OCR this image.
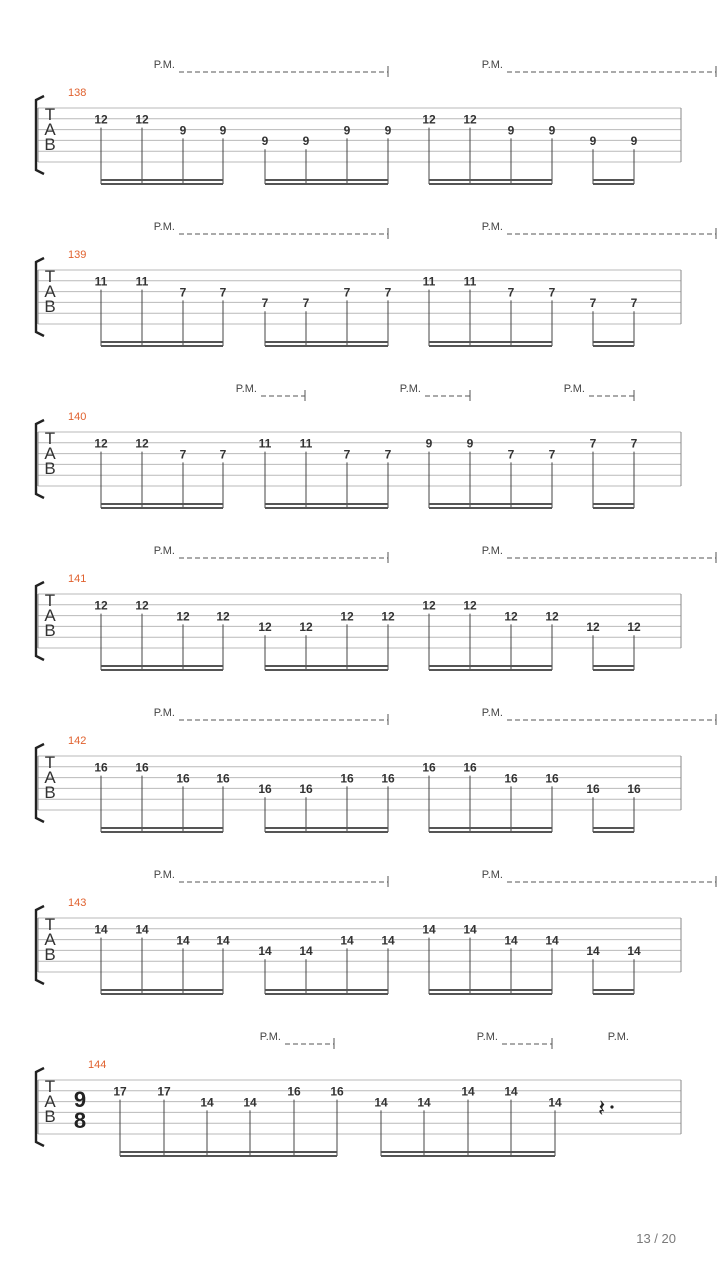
T
A
B
138
12 12
9	9
9	9
9	9
12 12
9	9
9	9
P.M.	P.M.
T
A
B
139
11 11
7	7
7	7
7	7
11 11
7	7
7	7
P.M.	P.M.
T
A
B
140
12 12
7	7
11 11
7	7
9	9
7	7
7	7
P.M.	P.M.	P.M.
T
A
B
141
12 12
12 12
12 12
12 12
12 12
12 12
12 12
P.M.	P.M.
T
A
B
142
16 16
16 16
16 16
16 16
16 16
16 16
16 16
P.M.	P.M.
T
A
B
143
14 14
14 14
14 14
14 14
14 14
14 14
14 14
P.M.	P.M.
T
A
B
144
9
8
17	17
14 14
16 16
14 14
14 14
14 𝄽
P.M.	P.M.	P.M.
13 / 20
